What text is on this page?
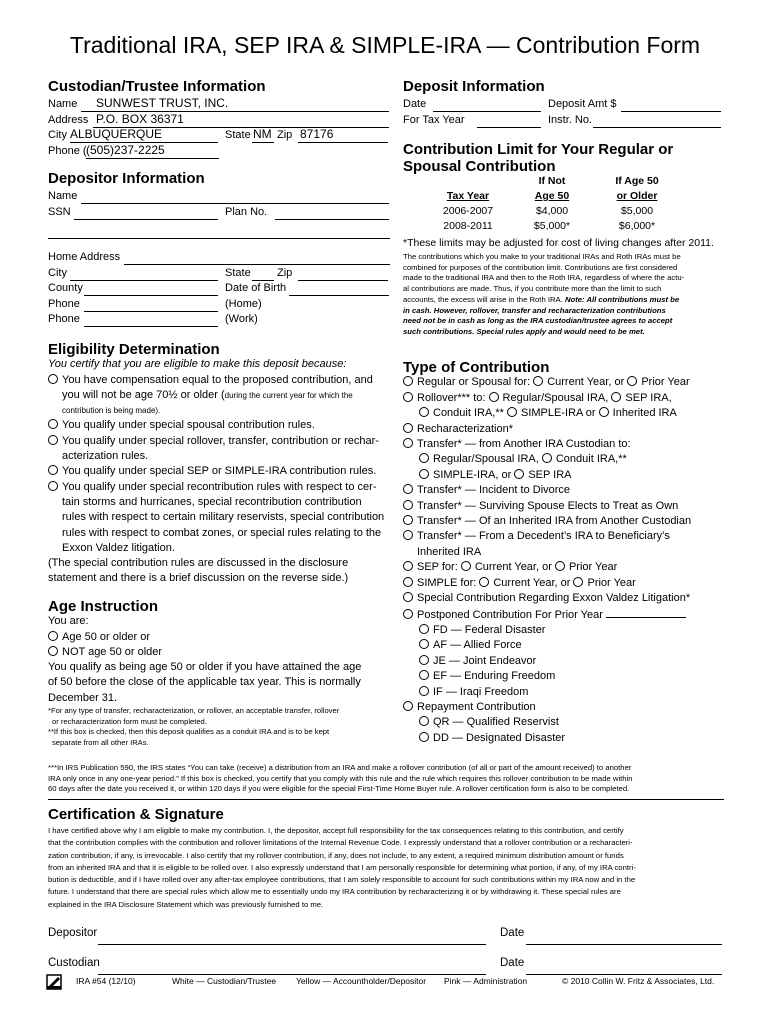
Traditional IRA, SEP IRA & SIMPLE-IRA — Contribution Form
Custodian/Trustee Information
Name SUNWEST TRUST, INC.
Address P.O. BOX 36371
City ALBUQUERQUE	State NM Zip 87176
Phone ( (505)237-2225
Depositor Information
Name
SSN	Plan No.
Home Address
City	State Zip
County	Date of Birth
Phone	(Home)
Phone	(Work)
Eligibility Determination
You certify that you are eligible to make this deposit because:
You have compensation equal to the proposed contribution, and
you will not be age 70½ or older (during the current year for which the
contribution is being made).
You qualify under special spousal contribution rules.
You qualify under special rollover, transfer, contribution or rechar-
acterization rules.
You qualify under special SEP or SIMPLE-IRA contribution rules.
You qualify under special recontribution rules with respect to cer-
tain storms and hurricanes, special recontribution contribution
rules with respect to certain military reservists, special contribution
rules with respect to combat zones, or special rules relating to the
Exxon Valdez litigation.
(The special contribution rules are discussed in the disclosure
statement and there is a brief discussion on the reverse side.)
Age Instruction
You are:
Age 50 or older or
NOT age 50 or older
You qualify as being age 50 or older if you have attained the age
of 50 before the close of the applicable tax year. This is normally
December 31.
*For any type of transfer, recharacterization, or rollover, an acceptable transfer, rollover
or recharacterization form must be completed.
**If this box is checked, then this deposit qualifies as a conduit IRA and is to be kept
separate from all other IRAs.
Deposit Information
Date	Deposit Amt $
For Tax Year	Instr. No.
Contribution Limit for Your Regular or
Spousal Contribution
	If Not	If Age 50
Tax Year	Age 50	or Older
2006-2007	$4,000	$5,000
2008-2011	$5,000*	$6,000*
*These limits may be adjusted for cost of living changes after 2011.
The contributions which you make to your traditional IRAs and Roth IRAs must be
combined for purposes of the contribution limit. Contributions are first considered
made to the traditional IRA and then to the Roth IRA, regardless of where the actu-
al contributions are made. Thus, if you contribute more than the limit to such
accounts, the excess will arise in the Roth IRA. Note: All contributions must be
in cash. However, rollover, transfer and recharacterization contributions
need not be in cash as long as the IRA custodian/trustee agrees to accept
such contributions. Special rules apply and would need to be met.
Type of Contribution
Regular or Spousal for: Current Year, or Prior Year
Rollover*** to: Regular/Spousal IRA, SEP IRA,
Conduit IRA,** SIMPLE-IRA or Inherited IRA
Recharacterization*
Transfer* — from Another IRA Custodian to:
Regular/Spousal IRA, Conduit IRA,**
SIMPLE-IRA, or SEP IRA
Transfer* — Incident to Divorce
Transfer* — Surviving Spouse Elects to Treat as Own
Transfer* — Of an Inherited IRA from Another Custodian
Transfer* — From a Decedent’s IRA to Beneficiary’s
Inherited IRA
SEP for: Current Year, or Prior Year
SIMPLE for: Current Year, or Prior Year
Special Contribution Regarding Exxon Valdez Litigation*
Postponed Contribution For Prior Year
FD — Federal Disaster
AF — Allied Force
JE — Joint Endeavor
EF — Enduring Freedom
IF — Iraqi Freedom
Repayment Contribution
QR — Qualified Reservist
DD — Designated Disaster
***In IRS Publication 590, the IRS states “You can take (receive) a distribution from an IRA and make a rollover contribution (of all or part of the amount received) to another
IRA only once in any one-year period.” If this box is checked, you certify that you comply with this rule and the rule which requires this rollover contribution to be made within
60 days after the date you received it, or within 120 days if you were eligible for the special First-Time Home Buyer rule. A rollover certification form is also to be completed.
Certification & Signature
I have certified above why I am eligible to make my contribution. I, the depositor, accept full responsibility for the tax consequences relating to this contribution, and certify
that the contribution complies with the contribution and rollover limitations of the Internal Revenue Code. I expressly understand that a rollover contribution or a recharacteri-
zation contribution, if any, is irrevocable. I also certify that my rollover contribution, if any, does not include, to any extent, a required minimum distribution amount or funds
from an inherited IRA and that it is eligible to be rolled over. I also expressly understand that I am personally responsible for determining what portion, if any, of my IRA contri-
bution is deductible, and if I have rolled over any after-tax employee contributions, that I am solely responsible to account for such contributions within my IRA now and in the
future. I understand that there are special rules which allow me to essentially undo my IRA contribution by recharacterizing it or by withdrawing it. These special rules are
explained in the IRA Disclosure Statement which was previously furnished to me.
Depositor	Date
Custodian	Date
IRA #54 (12/10)	White — Custodian/Trustee Yellow — Accountholder/Depositor Pink — Administration	© 2010 Collin W. Fritz & Associates, Ltd.
